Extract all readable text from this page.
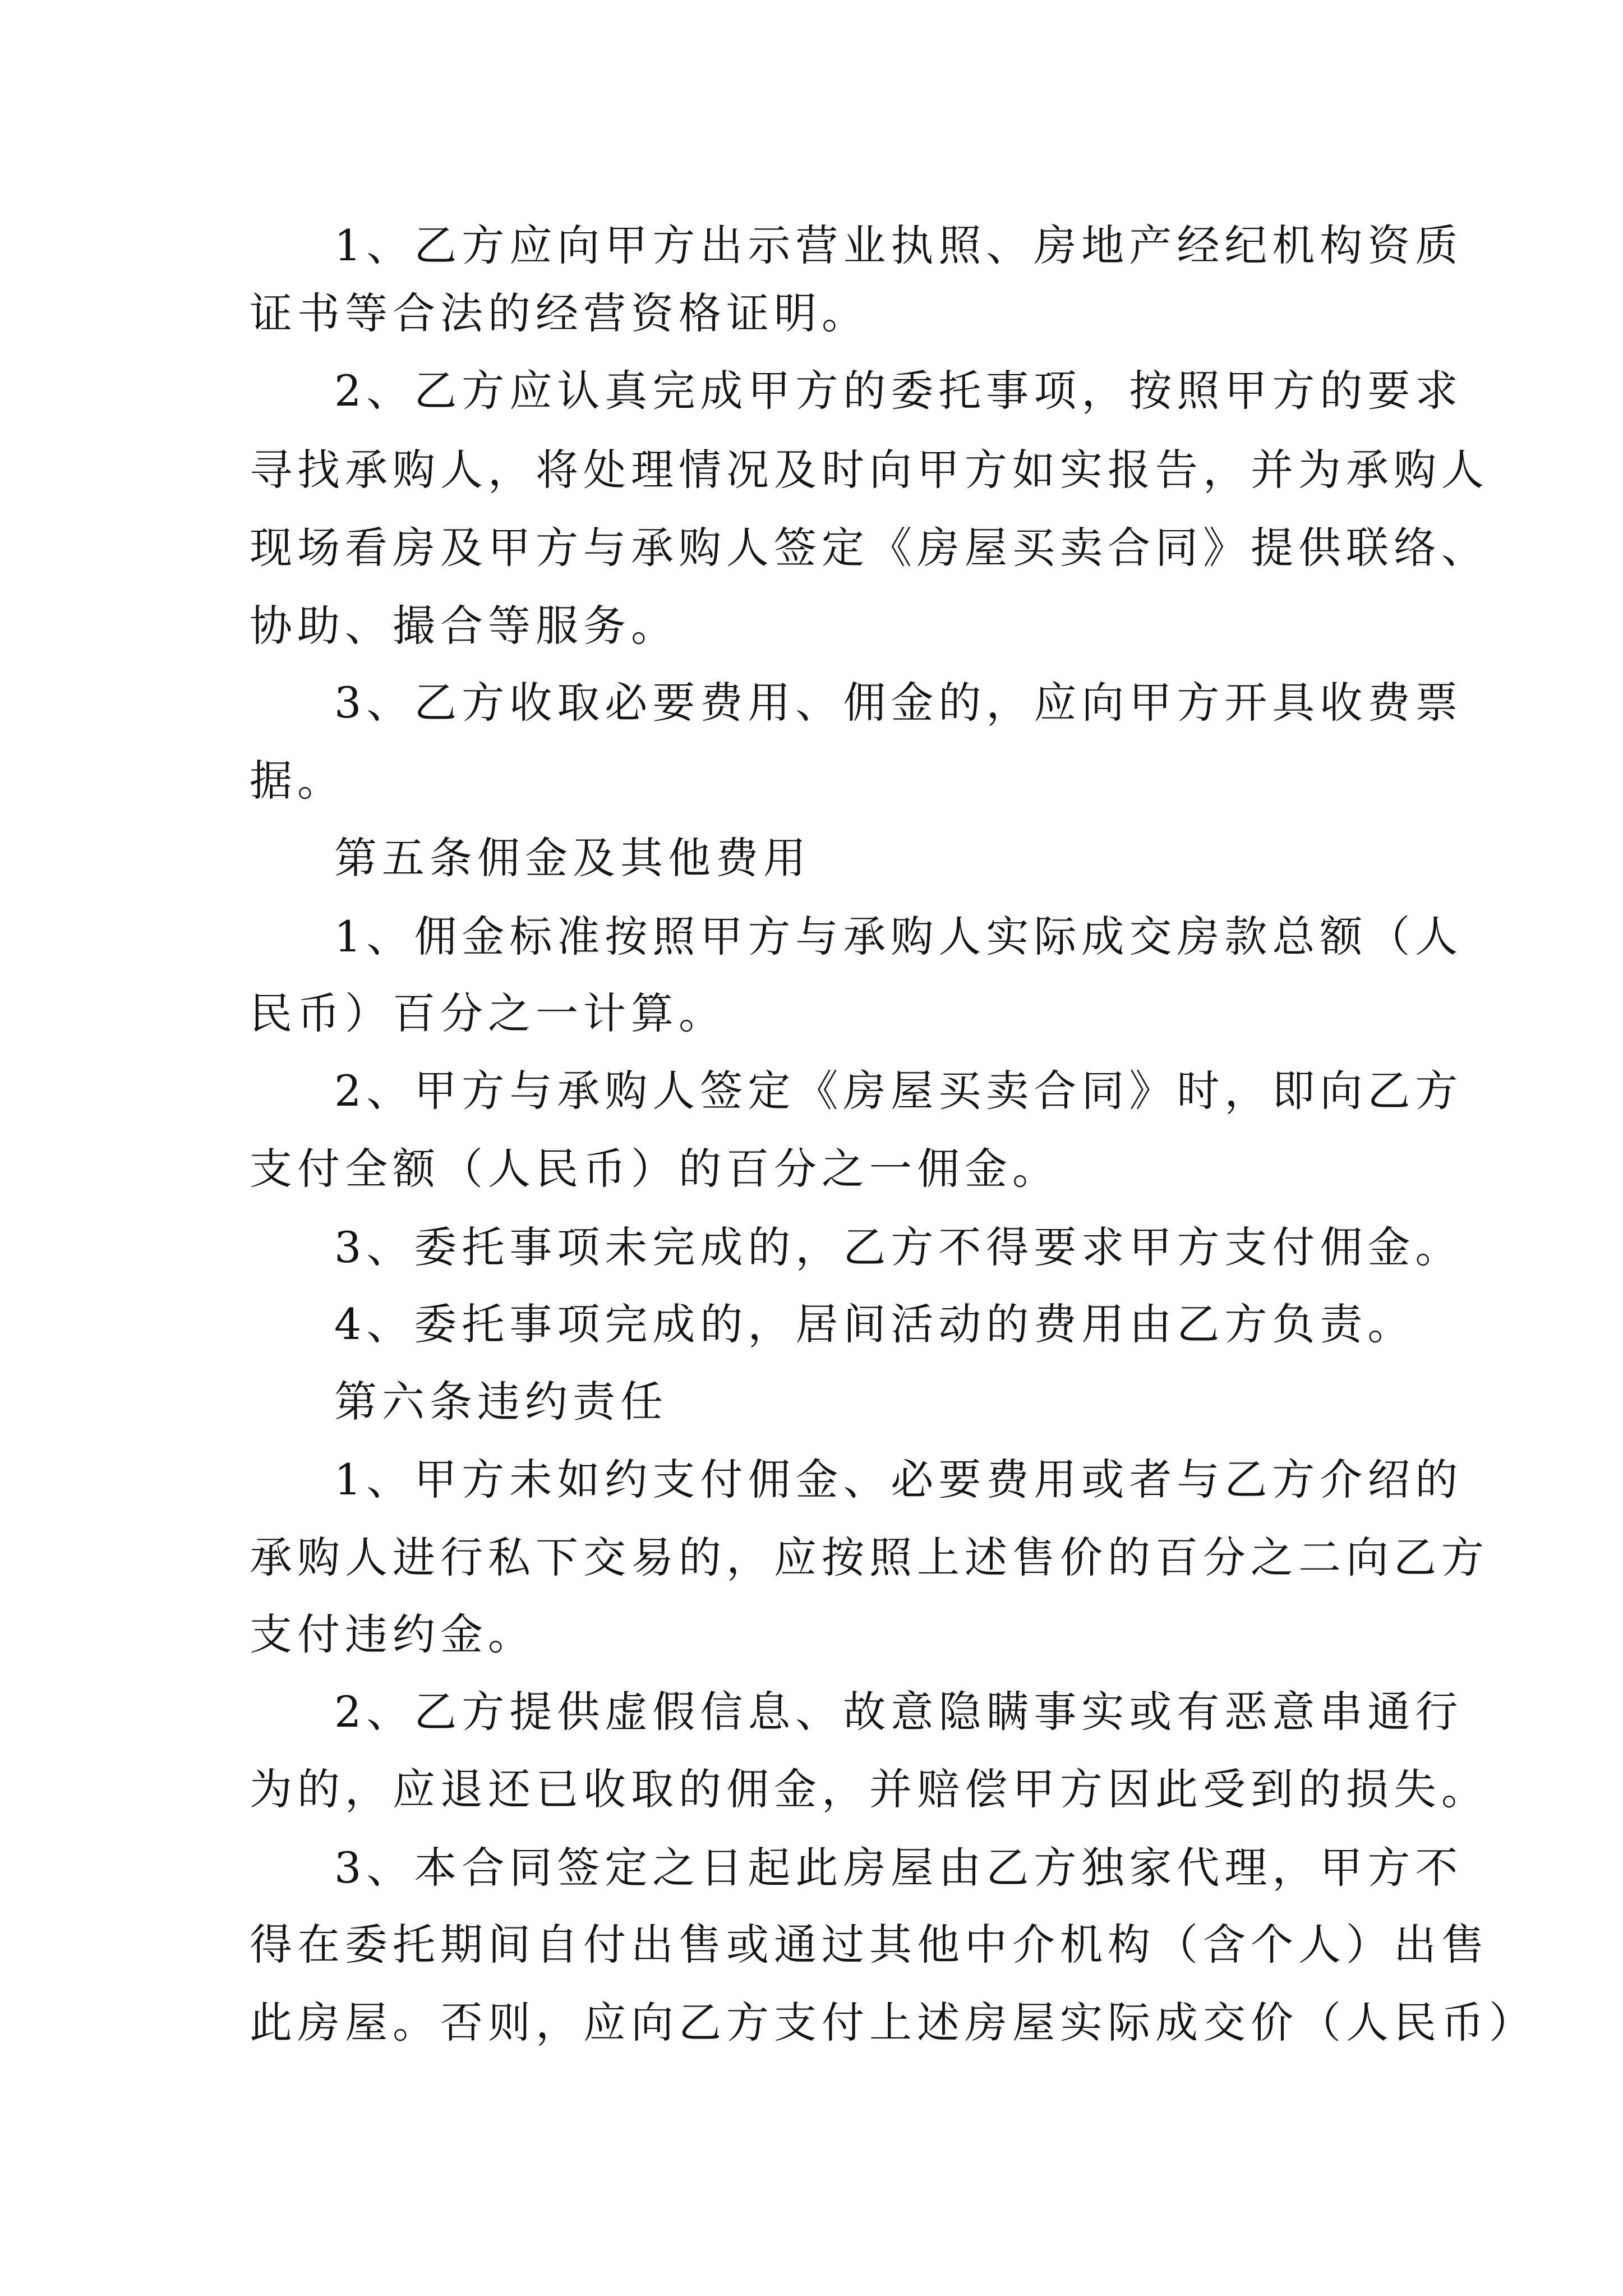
1、乙方应向甲方出示营业执照、房地产经纪机构资质
证书等合法的经营资格证明。
2、乙方应认真完成甲方的委托事项，按照甲方的要求
寻找承购人，将处理情况及时向甲方如实报告，并为承购人
现场看房及甲方与承购人签定《房屋买卖合同》提供联络、
协助、撮合等服务。
3、乙方收取必要费用、佣金的，应向甲方开具收费票
据。
第五条佣金及其他费用
1、佣金标准按照甲方与承购人实际成交房款总额（人
民币）百分之一计算。
2、甲方与承购人签定《房屋买卖合同》时，即向乙方
支付全额（人民币）的百分之一佣金。
3、委托事项未完成的，乙方不得要求甲方支付佣金。
4、委托事项完成的，居间活动的费用由乙方负责。
第六条违约责任
1、甲方未如约支付佣金、必要费用或者与乙方介绍的
承购人进行私下交易的，应按照上述售价的百分之二向乙方
支付违约金。
2、乙方提供虚假信息、故意隐瞒事实或有恶意串通行
为的，应退还已收取的佣金，并赔偿甲方因此受到的损失。
3、本合同签定之日起此房屋由乙方独家代理，甲方不
得在委托期间自付出售或通过其他中介机构（含个人）出售
此房屋。否则，应向乙方支付上述房屋实际成交价（人民币）
